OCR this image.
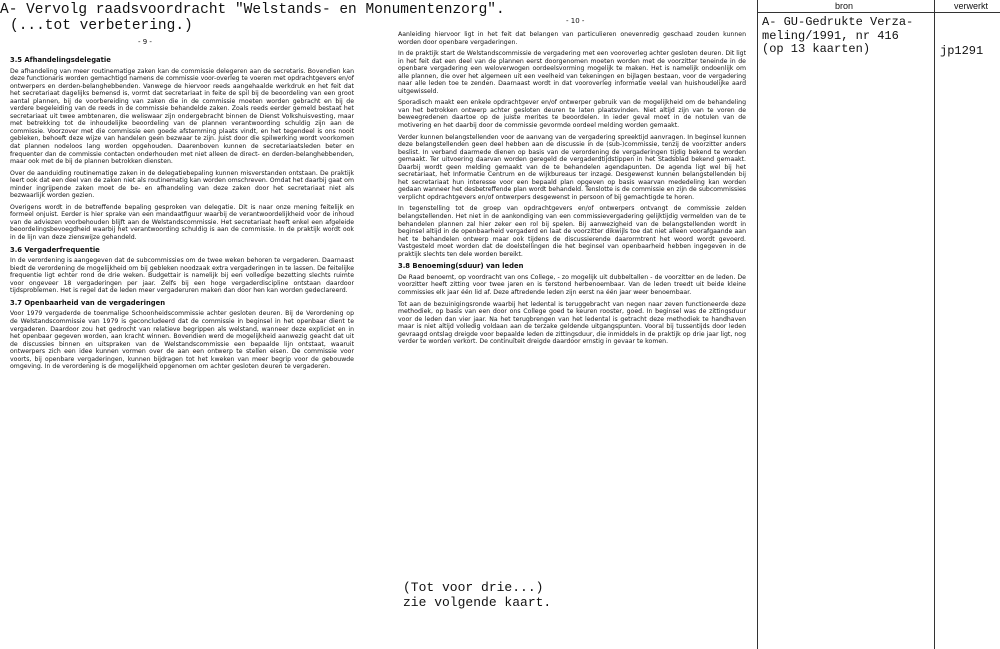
A- Vervolg raadsvoordracht "Welstands- en Monumentenzorg".
(...tot verbetering.)
- 9 -
3.5 Afhandelingsdelegatie

De afhandeling van meer routinematige zaken kan de commissie delegeren aan de secretaris. Bovendien kan deze functionaris worden gemachtigd namens de commissie voor-overleg te voeren met opdrachtgevers en/of ontwerpers en derden-belanghebbenden. Vanwege de hiervoor reeds aangehaalde werkdruk en het feit dat het secretariaat dagelijks bemensd is, vormt dat secretariaat in feite de spil bij de beoordeling van een groot aantal plannen, bij de voorbereiding van zaken die in de commissie moeten worden gebracht en bij de verdere begeleiding van de reeds in de commissie behandelde zaken. Zoals reeds eerder gemeld bestaat het secretariaat uit twee ambtenaren, die weliswaar zijn ondergebracht binnen de Dienst Volkshuisvesting, maar met betrekking tot de inhoudelijke beoordeling van de plannen verantwoording schuldig zijn aan de commissie. Voorzover met die commissie een goede afstemming plaats vindt, en het tegendeel is ons nooit gebleken, behoeft deze wijze van handelen geen bezwaar te zijn. Juist door die spilwerking wordt voorkomen dat plannen nodeloos lang worden opgehouden. Daarenboven kunnen de secretariaatsleden beter en frequenter dan de commissie contacten onderhouden met niet alleen de direct- en derden-belanghebbenden, maar ook met de bij de plannen betrokken diensten.

Over de aanduiding routinematige zaken in de delegatiebepaling kunnen misverstanden ontstaan. De praktijk leert ook dat een deel van de zaken niet als routinematig kan worden omschreven. Omdat het daarbij gaat om minder ingrijpende zaken moet de be- en afhandeling van deze zaken door het secretariaat niet als bezwaarlijk worden gezien.

Overigens wordt in de betreffende bepaling gesproken van delegatie. Dit is naar onze mening feitelijk en formeel onjuist. Eerder is hier sprake van een mandaatfiguur waarbij de verantwoordelijkheid voor de inhoud van de adviezen voorbehouden blijft aan de Welstandscommissie. Het secretariaat heeft enkel een afgeleide beoordelingsbevoegdheid waarbij het verantwoording schuldig is aan de commissie. In de praktijk wordt ook in de lijn van deze zienswijze gehandeld.

3.6 Vergaderfrequentie

In de verordening is aangegeven dat de subcommissies om de twee weken behoren te vergaderen. Daarnaast biedt de verordening de mogelijkheid om bij gebleken noodzaak extra vergaderingen in te lassen. De feitelijke frequentie ligt echter rond de drie weken. Budgettair is namelijk bij een volledige bezetting slechts ruimte voor ongeveer 18 vergaderingen per jaar. Zelfs bij een hoge vergaderdiscipline ontstaan daardoor tijdsproblemen. Het is regel dat de leden meer vergaderuren maken dan door hen kan worden gedeclareerd.

3.7 Openbaarheid van de vergaderingen

Voor 1979 vergaderde de toenmalige Schoonheidscommissie achter gesloten deuren. Bij de Verordening op de Welstandscommissie van 1979 is geconcludeerd dat de commissie in beginsel in het openbaar dient te vergaderen. Daardoor zou het gedrocht van relatieve begrippen als welstand, wanneer deze expliciet en in het openbaar gegeven worden, aan kracht winnen. Bovendien werd de mogelijkheid aanwezig geacht dat uit de discussies binnen en uitspraken van de Welstandscommissie een bepaalde lijn ontstaat, waaruit ontwerpers zich een idee kunnen vormen over de aan een ontwerp te stellen eisen. De commissie voor voorts, bij openbare vergaderingen, kunnen bijdragen tot het kweken van meer begrip voor de gebouwde omgeving. In de verordening is de mogelijkheid opgenomen om achter gesloten deuren te vergaderen.

- 10 -

Aanleiding hiervoor ligt in het feit dat belangen van particulieren onevenredig geschaad zouden kunnen worden door openbare vergaderingen.

In de praktijk start de Welstandscommissie de vergadering met een vooroverleg achter gesloten deuren. Dit ligt in het feit dat een deel van de plannen eerst doorgenomen moeten worden met de voorzitter teneinde in de openbare vergadering een weloverwogen oordeelsvorming mogelijk te maken. Het is namelijk ondoenlijk om alle plannen, die over het algemeen uit een veelheid van tekeningen en bijlagen bestaan, voor de vergadering naar alle leden toe te zenden. Daarnaast wordt in dat vooroverleg informatie veelal van huishoudelijke aard uitgewisseld.

Sporadisch maakt een enkele opdrachtgever en/of ontwerper gebruik van de mogelijkheid om de behandeling van het betrokken ontwerp achter gesloten deuren te laten plaatsvinden. Niet altijd zijn van te voren de beweegredenen daartoe op de juiste merites te beoordelen. In ieder geval moet in de notulen van de motivering en het daarbij door de commissie gevormde oordeel melding worden gemaakt.

Verder kunnen belangstellenden voor de aanvang van de vergadering spreektijd aanvragen. In beginsel kunnen deze belangstellenden geen deel hebben aan de discussie in de (sub-)commissie, tenzij de voorzitter anders beslist. In verband daarmede dienen op basis van de verordening de vergaderingen tijdig bekend te worden gemaakt. Ter uitvoering daarvan worden geregeld de vergaderdtijdstippen in het Stadsblad bekend gemaakt. Daarbij wordt geen melding gemaakt van de te behandelen agendapunten. De agenda ligt wel bij het secretariaat, het Informatie Centrum en de wijkbureaus ter inzage. Desgewenst kunnen belangstellenden bij het secretariaat hun interesse voor een bepaald plan opgeven op basis waarvan mededeling kan worden gedaan wanneer het desbetreffende plan wordt behandeld. Tenslotte is de commissie en zijn de subcommissies verplicht opdrachtgevers en/of ontwerpers desgewenst in persoon of bij gemachtigde te horen.

In tegenstelling tot de groep van opdrachtgevers en/of ontwerpers ontvangt de commissie zelden belangstellenden. Het niet in de aankondiging van een commissievergadering gelijktijdig vermelden van de te behandelen plannen zal hier zeker een rol bij spelen. Bij aanwezigheid van de belangstellenden wordt in beginsel altijd in de openbaarheid vergaderd en laat de voorzitter dikwijls toe dat niet alleen voorafgaande aan het te behandelen ontwerp maar ook tijdens de discussierende daarormtrent het woord wordt gevoerd. Vastgesteld moet worden dat de doelstellingen die het beginsel van openbaarheid hebben ingegeven in de praktijk slechts ten dele worden bereikt.

3.8 Benoeming(sduur) van leden

De Raad benoemt, op voordracht van ons College, - zo mogelijk uit dubbeltallen - de voorzitter en de leden. De voorzitter heeft zitting voor twee jaren en is terstond herbenoembaar. Van de leden treedt uit beide kleine commissies elk jaar één lid af. Deze aftredende leden zijn eerst na één jaar weer benoembaar.

Tot aan de bezuinigingsronde waarbij het ledental is teruggebracht van negen naar zeven functioneerde deze methodiek, op basis van een door ons College goed te keuren rooster, goed. In beginsel was de zittingsduur voor de leden dan vier jaar. Na het terugbrengen van het ledental is getracht deze methodiek te handhaven maar is niet altijd volledig voldaan aan de terzake geldende uitgangspunten. Vooral bij tussentijds door leden gevraagd ontslag dreigde voor bepaalde leden de zittingsduur, die inmiddels in de praktijk op drie jaar ligt, nog verder te worden verkort. De continuïteit dreigde daardoor ernstig in gevaar te komen.

(Tot voor drie...)
zie volgende kaart.
bron	verwerkt
A- GU-Gedrukte Verza-
meling/1991, nr 416
(op 13 kaarten)	jp1291
